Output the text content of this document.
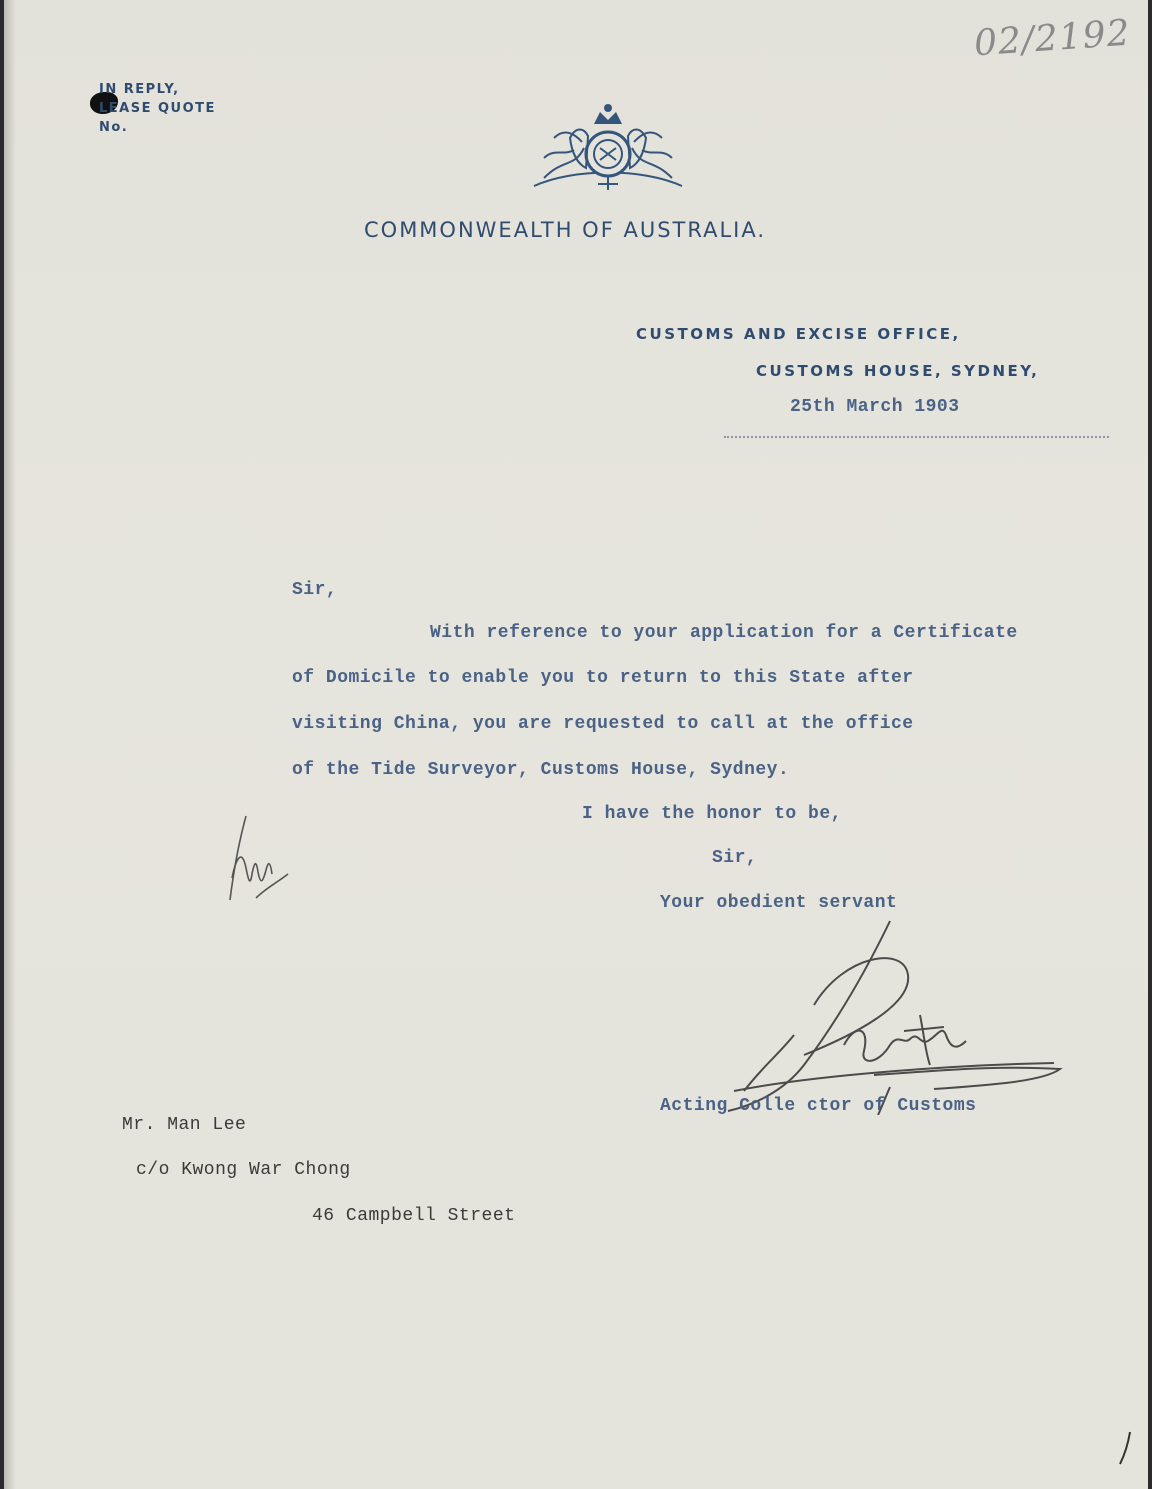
IN REPLY,
LEASE QUOTE
No.
02/2192
COMMONWEALTH OF AUSTRALIA.
CUSTOMS AND EXCISE OFFICE,
CUSTOMS HOUSE, SYDNEY,
25th March 1903
Sir,
With reference to your application for a Certificate
of Domicile to enable you to return to this State after
visiting China, you are requested to call at the office
of the Tide Surveyor, Customs House, Sydney.
I have the honor to be,
Sir,
Your obedient servant
Acting Colle ctor of Customs
Mr. Man Lee
c/o Kwong War Chong
46 Campbell Street
